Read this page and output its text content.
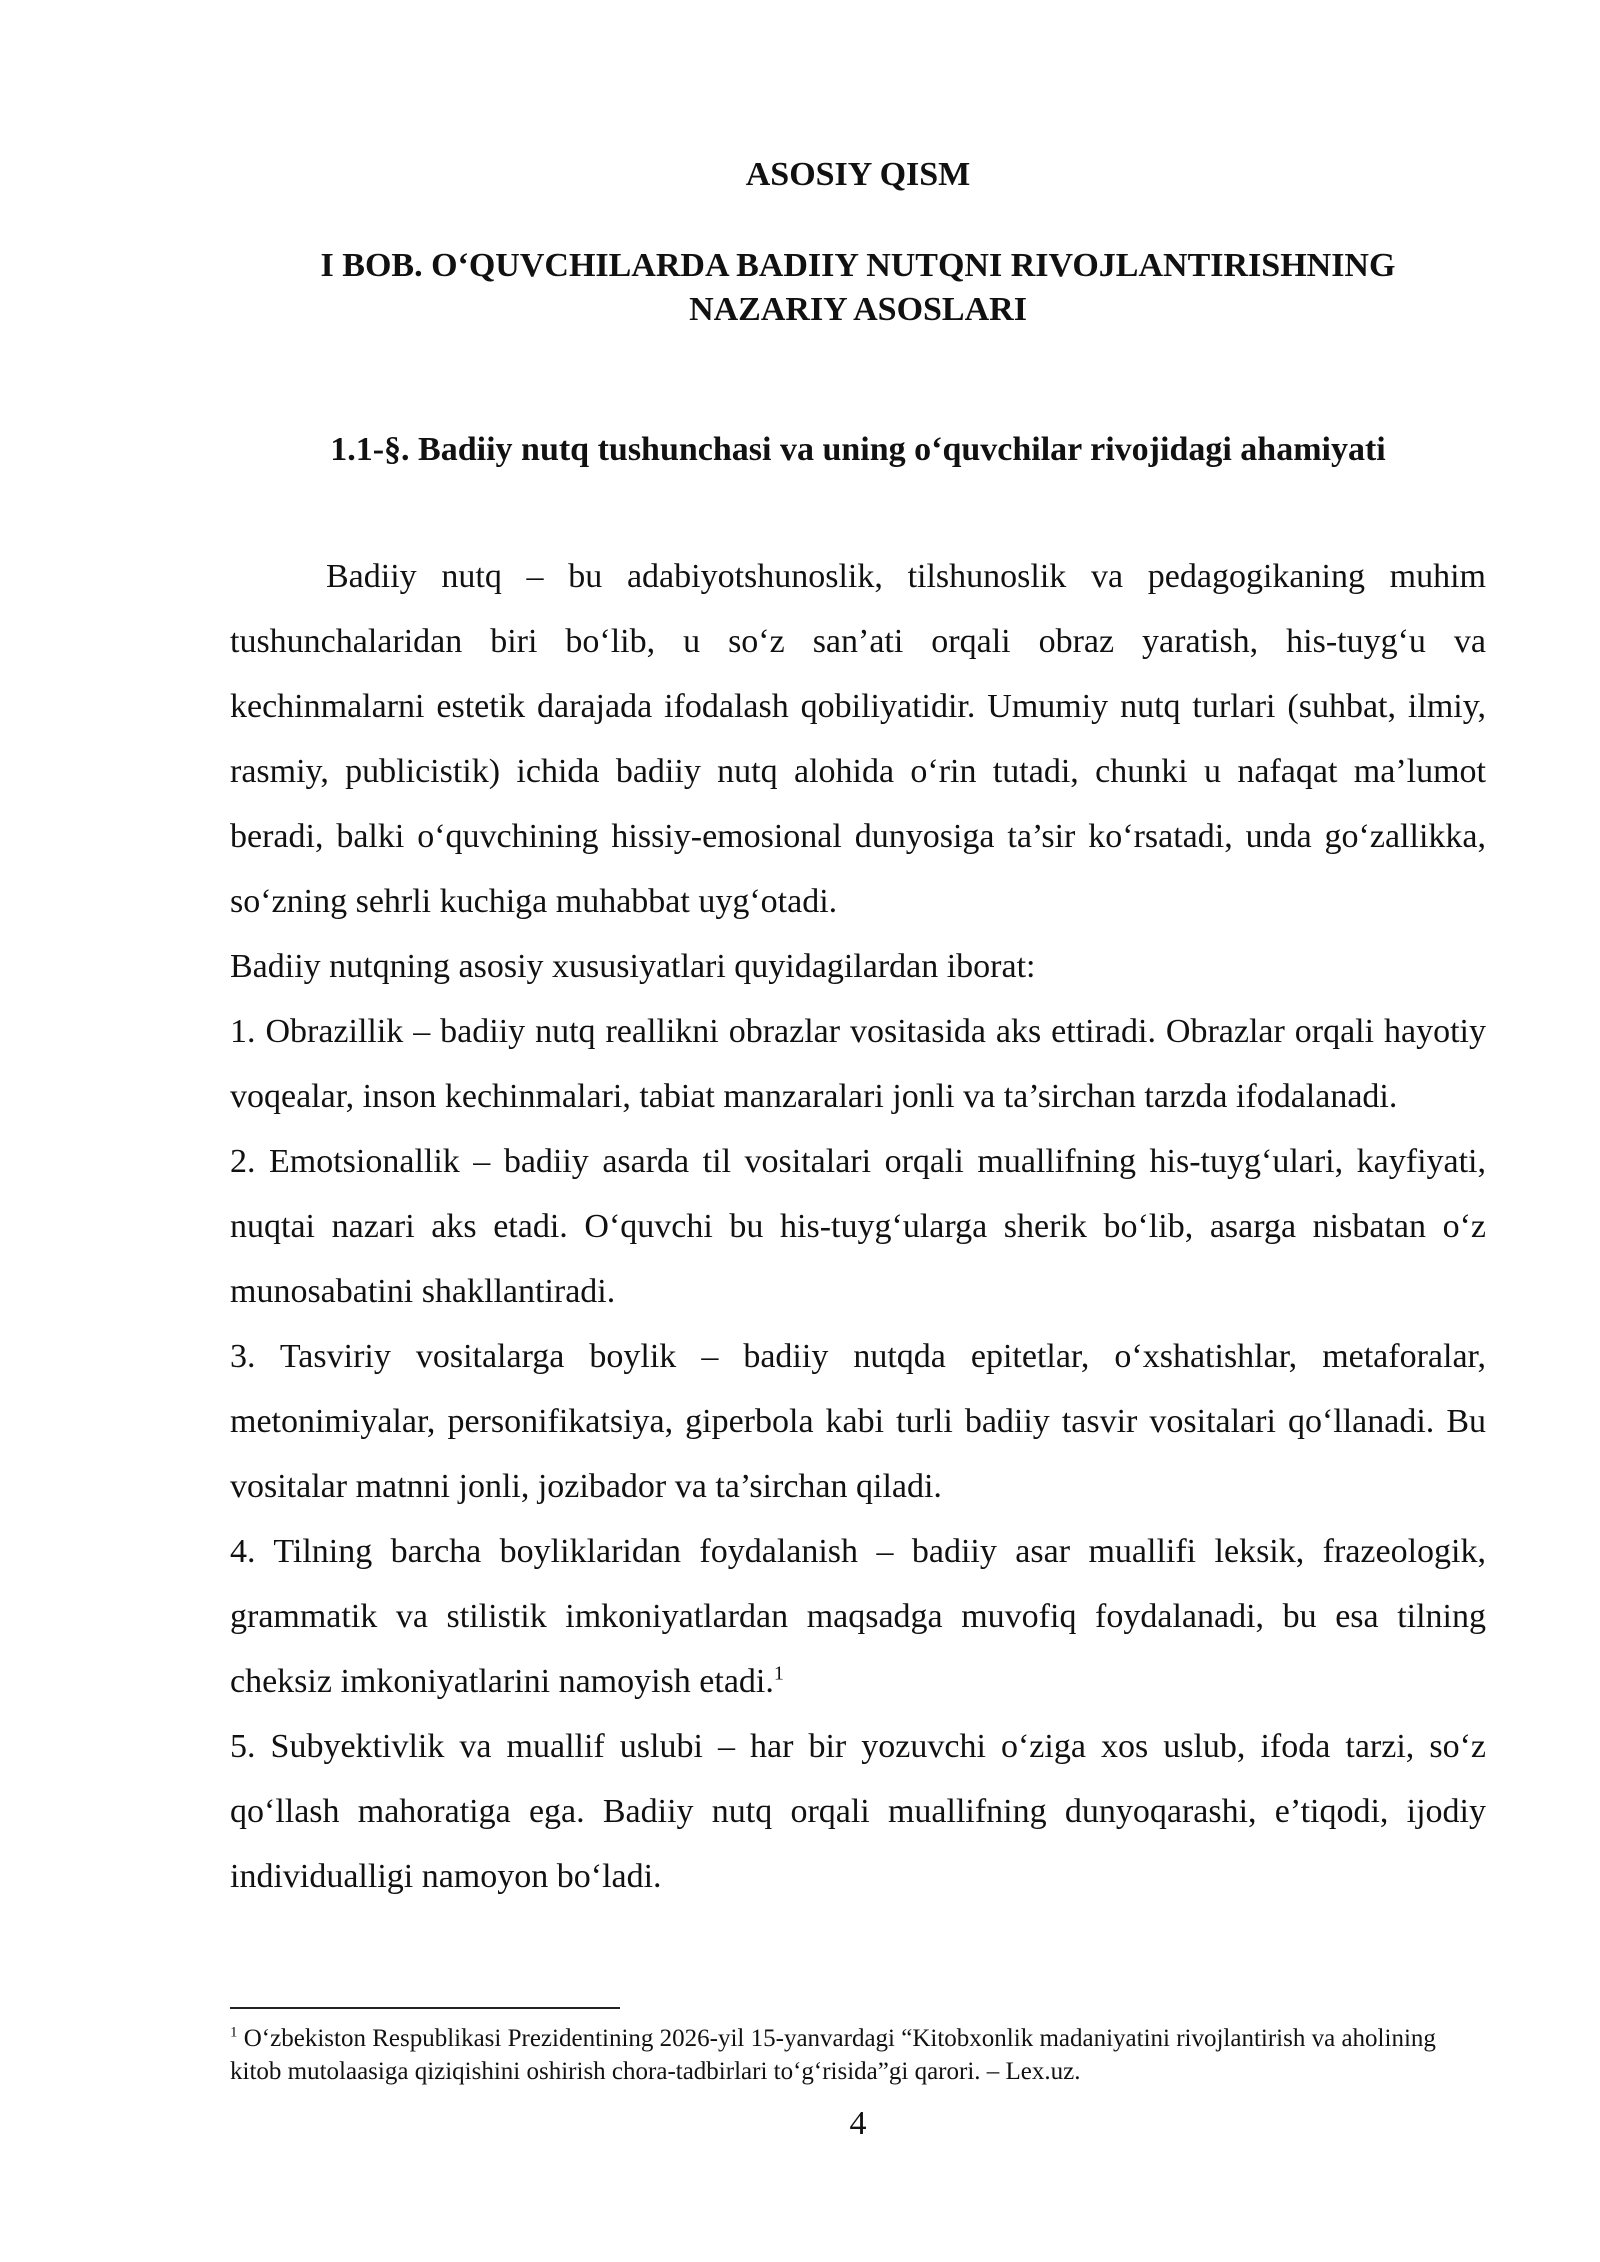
ASOSIY QISM
I BOB. O‘QUVCHILARDA BADIIY NUTQNI RIVOJLANTIRISHNING
NAZARIY ASOSLARI
1.1-§. Badiiy nutq tushunchasi va uning o‘quvchilar rivojidagi ahamiyati

Badiiy nutq – bu adabiyotshunoslik, tilshunoslik va pedagogikaning muhim tushunchalaridan biri bo‘lib, u so‘z san’ati orqali obraz yaratish, his-tuyg‘u va kechinmalarni estetik darajada ifodalash qobiliyatidir. Umumiy nutq turlari (suhbat, ilmiy, rasmiy, publicistik) ichida badiiy nutq alohida o‘rin tutadi, chunki u nafaqat ma’lumot beradi, balki o‘quvchining hissiy-emosional dunyosiga ta’sir ko‘rsatadi, unda go‘zallikka, so‘zning sehrli kuchiga muhabbat uyg‘otadi.

Badiiy nutqning asosiy xususiyatlari quyidagilardan iborat:

1. Obrazillik – badiiy nutq reallikni obrazlar vositasida aks ettiradi. Obrazlar orqali hayotiy voqealar, inson kechinmalari, tabiat manzaralari jonli va ta’sirchan tarzda ifodalanadi.

2. Emotsionallik – badiiy asarda til vositalari orqali muallifning his-tuyg‘ulari, kayfiyati, nuqtai nazari aks etadi. O‘quvchi bu his-tuyg‘ularga sherik bo‘lib, asarga nisbatan o‘z munosabatini shakllantiradi.

3. Tasviriy vositalarga boylik – badiiy nutqda epitetlar, o‘xshatishlar, metaforalar, metonimiyalar, personifikatsiya, giperbola kabi turli badiiy tasvir vositalari qo‘llanadi. Bu vositalar matnni jonli, jozibador va ta’sirchan qiladi.

4. Tilning barcha boyliklaridan foydalanish – badiiy asar muallifi leksik, frazeologik, grammatik va stilistik imkoniyatlardan maqsadga muvofiq foydalanadi, bu esa tilning cheksiz imkoniyatlarini namoyish etadi.$^1$

5. Subyektivlik va muallif uslubi – har bir yozuvchi o‘ziga xos uslub, ifoda tarzi, so‘z qo‘llash mahoratiga ega. Badiiy nutq orqali muallifning dunyoqarashi, e’tiqodi, ijodiy individualligi namoyon bo‘ladi.

$^1$ O‘zbekiston Respublikasi Prezidentining 2026-yil 15-yanvardagi “Kitobxonlik madaniyatini rivojlantirish va aholining kitob mutolaasiga qiziqishini oshirish chora-tadbirlari to‘g‘risida”gi qarori. – Lex.uz.

4
